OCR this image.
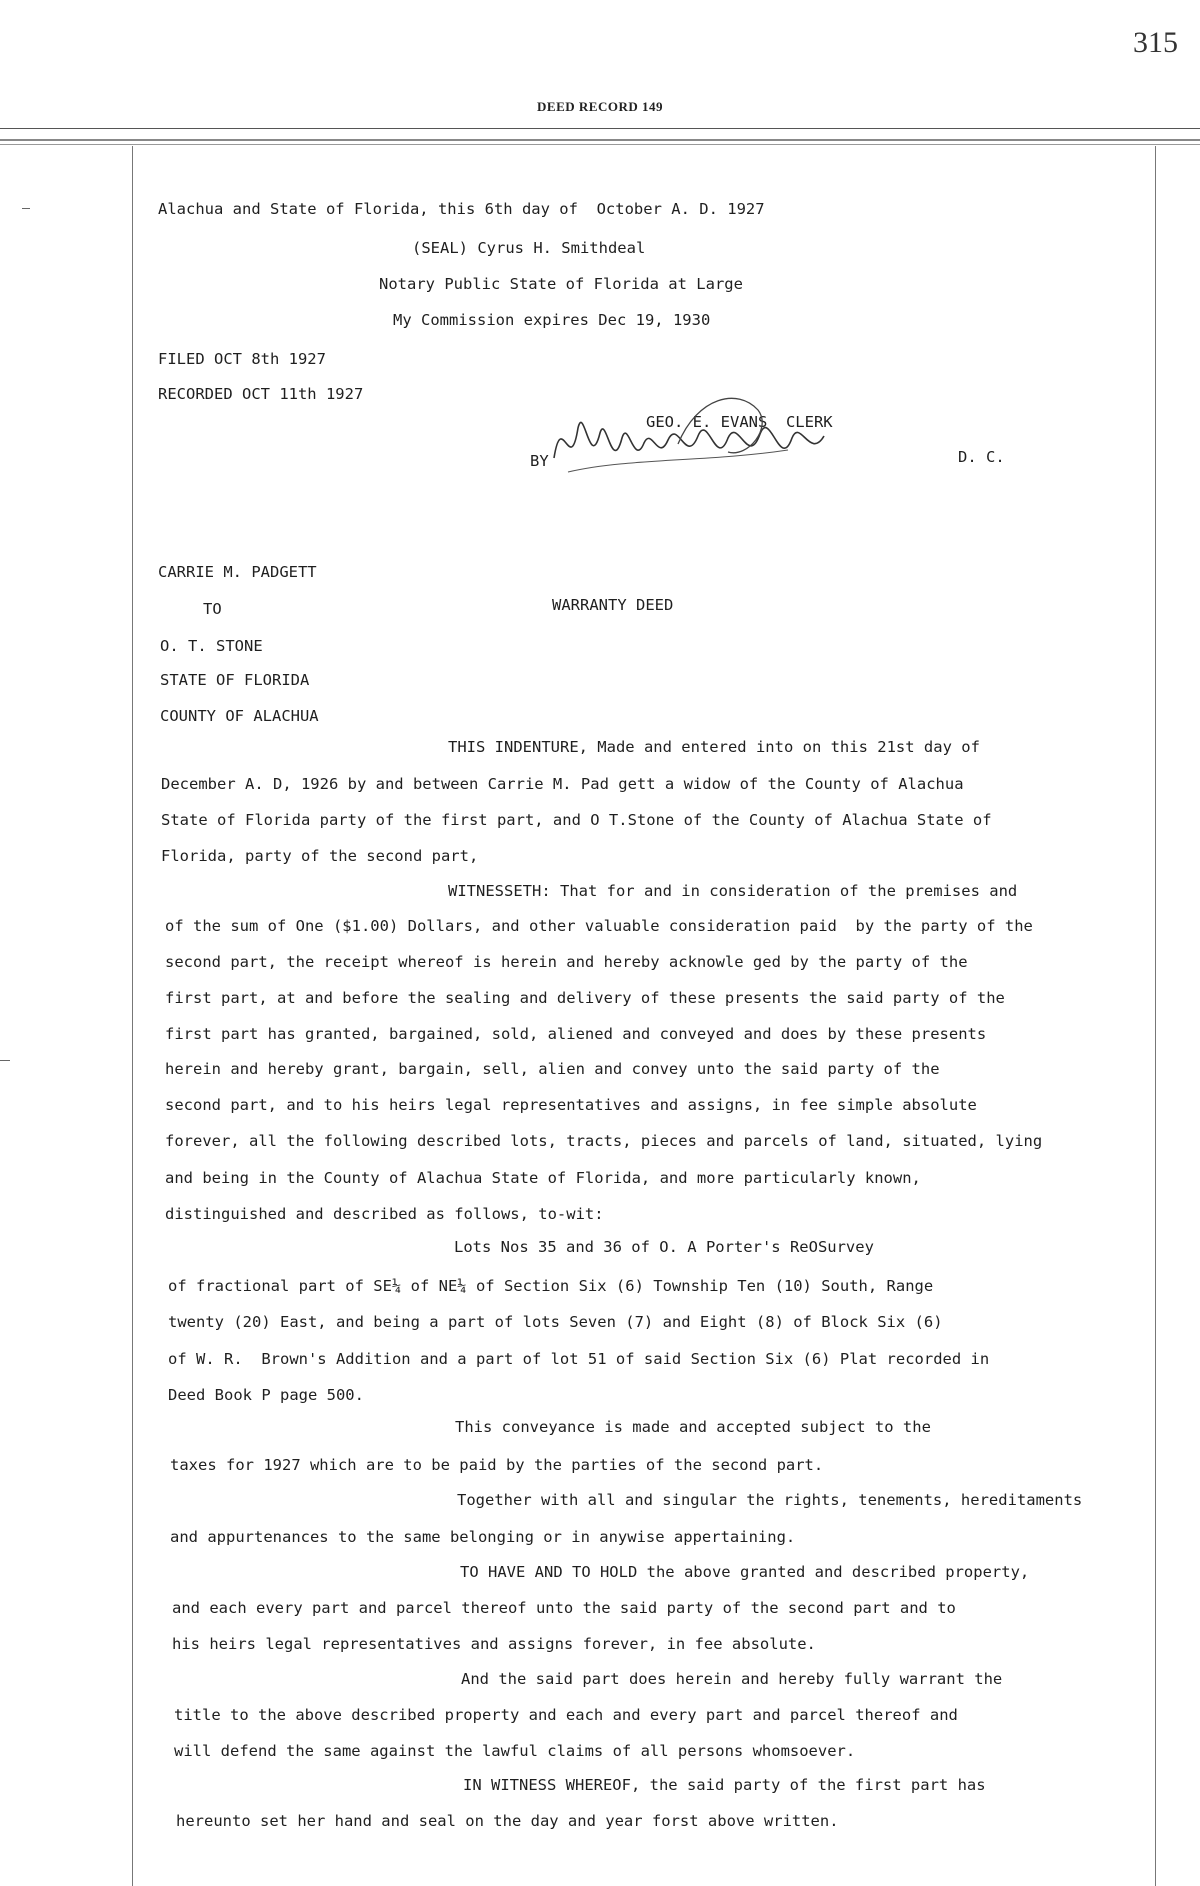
315
DEED RECORD 149
Alachua and State of Florida, this 6th day of  October A. D. 1927
(SEAL) Cyrus H. Smithdeal
Notary Public State of Florida at Large
My Commission expires Dec 19, 1930
FILED OCT 8th 1927
RECORDED OCT 11th 1927
GEO. E. EVANS  CLERK
BY	D. C.
CARRIE M. PADGETT
TO	WARRANTY DEED
O. T. STONE
STATE OF FLORIDA
COUNTY OF ALACHUA
THIS INDENTURE, Made and entered into on this 21st day of
December A. D, 1926 by and between Carrie M. Pad gett a widow of the County of Alachua
State of Florida party of the first part, and O T.Stone of the County of Alachua State of
Florida, party of the second part,
WITNESSETH: That for and in consideration of the premises and
of the sum of One ($1.00) Dollars, and other valuable consideration paid  by the party of the
second part, the receipt whereof is herein and hereby acknowle ged by the party of the
first part, at and before the sealing and delivery of these presents the said party of the
first part has granted, bargained, sold, aliened and conveyed and does by these presents
herein and hereby grant, bargain, sell, alien and convey unto the said party of the
second part, and to his heirs legal representatives and assigns, in fee simple absolute
forever, all the following described lots, tracts, pieces and parcels of land, situated, lying
and being in the County of Alachua State of Florida, and more particularly known,
distinguished and described as follows, to-wit:
Lots Nos 35 and 36 of O. A Porter's ReOSurvey
of fractional part of SE¼ of NE¼ of Section Six (6) Township Ten (10) South, Range
twenty (20) East, and being a part of lots Seven (7) and Eight (8) of Block Six (6)
of W. R.  Brown's Addition and a part of lot 51 of said Section Six (6) Plat recorded in
Deed Book P page 500.
This conveyance is made and accepted subject to the
taxes for 1927 which are to be paid by the parties of the second part.
Together with all and singular the rights, tenements, hereditaments
and appurtenances to the same belonging or in anywise appertaining.
TO HAVE AND TO HOLD the above granted and described property,
and each every part and parcel thereof unto the said party of the second part and to
his heirs legal representatives and assigns forever, in fee absolute.
And the said part does herein and hereby fully warrant the
title to the above described property and each and every part and parcel thereof and
will defend the same against the lawful claims of all persons whomsoever.
IN WITNESS WHEREOF, the said party of the first part has
hereunto set her hand and seal on the day and year forst above written.
